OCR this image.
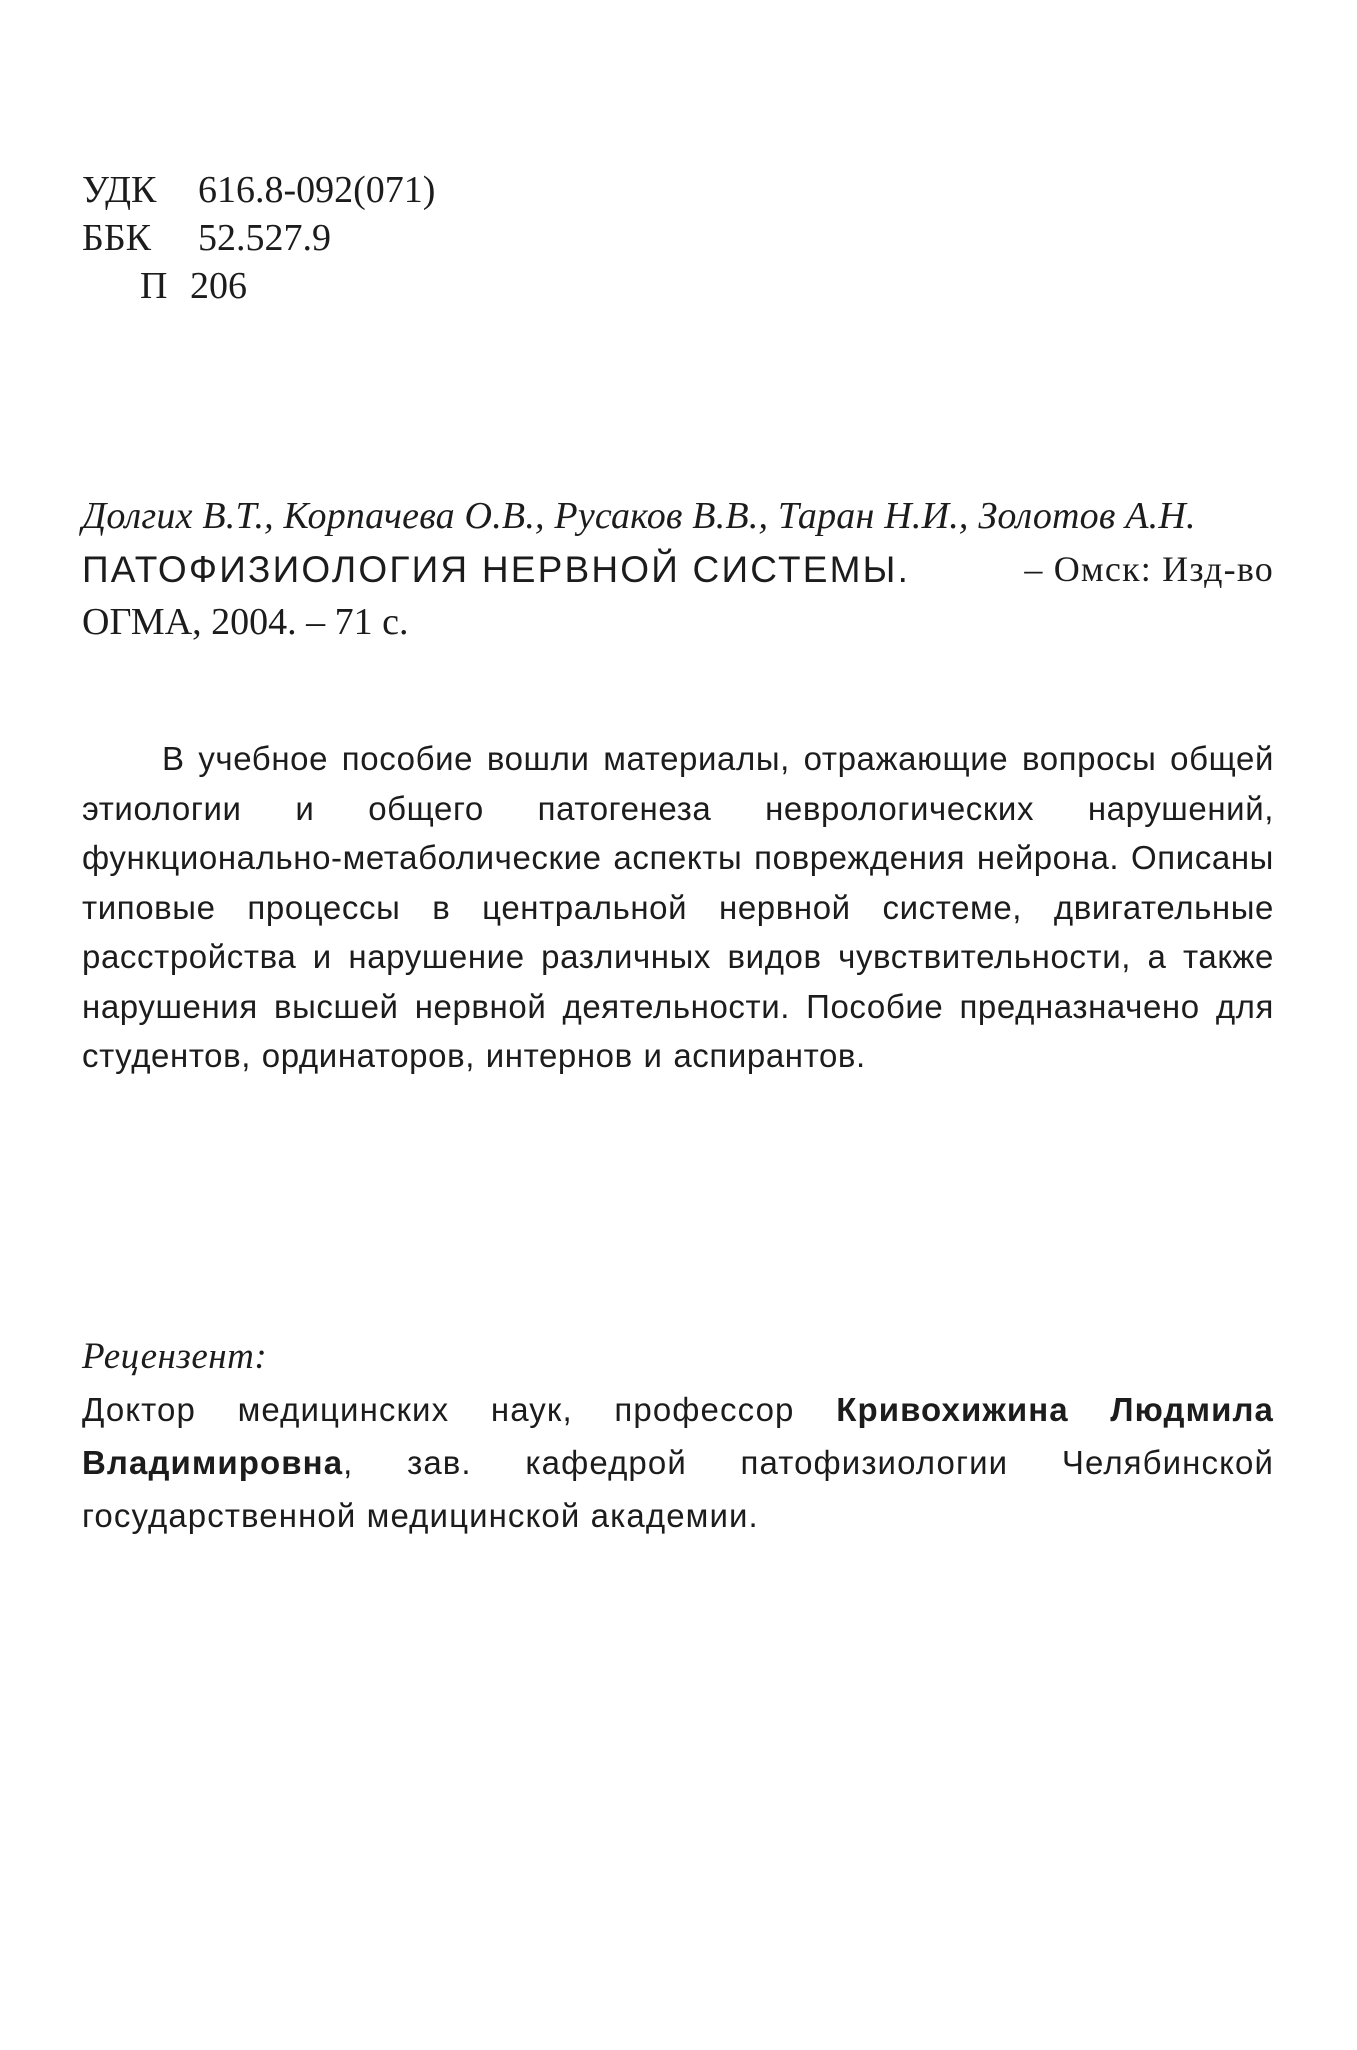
УДК 616.8-092(071)
ББК 52.527.9
П 206
Долгих В.Т., Корпачева О.В., Русаков В.В., Таран Н.И., Золотов А.Н.
ПАТОФИЗИОЛОГИЯ НЕРВНОЙ СИСТЕМЫ.	– Омск: Изд-во
ОГМА, 2004. – 71 с.

В учебное пособие вошли материалы, отражающие вопросы общей этиологии и общего патогенеза неврологических нарушений, функционально-метаболические аспекты повреждения нейрона. Описаны типовые процессы в центральной нервной системе, двигательные расстройства и нарушение различных видов чувствительности, а также нарушения высшей нервной деятельности. Пособие предназначено для студентов, ординаторов, интернов и аспирантов.

Рецензент:

Доктор медицинских наук, профессор Кривохижина Людмила Владимировна, зав. кафедрой патофизиологии Челябинской государственной медицинской академии.
